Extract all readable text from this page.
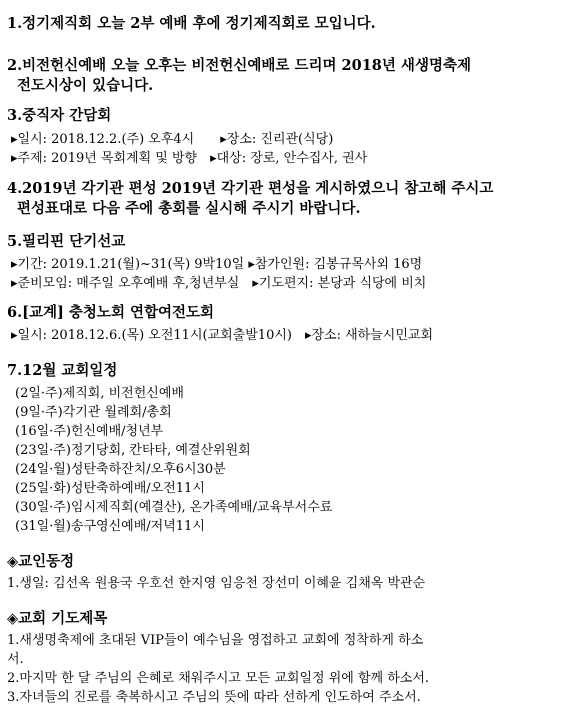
1.정기제직회 오늘 2부 예배 후에 정기제직회로 모입니다.
2.비전헌신예배 오늘 오후는 비전헌신예배로 드리며 2018년 새생명축제
전도시상이 있습니다.
3.중직자 간담회
▸일시: 2018.12.2.(주) 오후4시　　▸장소: 진리관(식당)
▸주제: 2019년 목회계획 및 방향　▸대상: 장로, 안수집사, 권사
4.2019년 각기관 편성 2019년 각기관 편성을 게시하였으니 참고해 주시고
편성표대로 다음 주에 총회를 실시해 주시기 바랍니다.
5.필리핀 단기선교
▸기간: 2019.1.21(월)~31(목) 9박10일 ▸참가인원: 김봉규목사외 16명
▸준비모임: 매주일 오후예배 후,청년부실　▸기도편지: 본당과 식당에 비치
6.[교계] 충청노회 연합여전도회
▸일시: 2018.12.6.(목) 오전11시(교회출발10시)　▸장소: 새하늘시민교회
7.12월 교회일정
(2일·주)제직회, 비전헌신예배
(9일·주)각기관 월례회/총회
(16일·주)헌신예배/청년부
(23일·주)정기당회, 칸타타, 예결산위원회
(24일·월)성탄축하잔치/오후6시30분
(25일·화)성탄축하예배/오전11시
(30일·주)임시제직회(예결산), 온가족예배/교육부서수료
(31일·월)송구영신예배/저녁11시
◈교인동정
1.생일: 김선옥 원용국 우호선 한지영 임응천 장선미 이혜윤 김채옥 박관순
◈교회 기도제목
1.새생명축제에 초대된 VIP들이 예수님을 영접하고 교회에 정착하게 하소
서.
2.마지막 한 달 주님의 은혜로 채워주시고 모든 교회일정 위에 함께 하소서.
3.자녀들의 진로를 축복하시고 주님의 뜻에 따라 선하게 인도하여 주소서.
